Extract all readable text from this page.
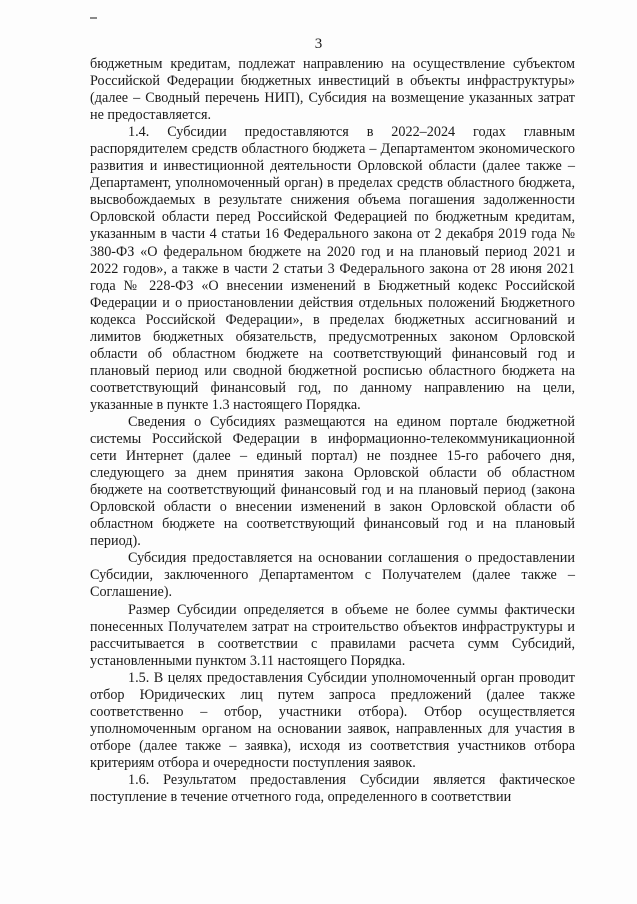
3

бюджетным кредитам, подлежат направлению на осуществление субъектом Российской Федерации бюджетных инвестиций в объекты инфраструктуры» (далее – Сводный перечень НИП), Субсидия на возмещение указанных затрат не предоставляется.

1.4. Субсидии предоставляются в 2022–2024 годах главным распорядителем средств областного бюджета – Департаментом экономического развития и инвестиционной деятельности Орловской области (далее также – Департамент, уполномоченный орган) в пределах средств областного бюджета, высвобождаемых в результате снижения объема погашения задолженности Орловской области перед Российской Федерацией по бюджетным кредитам, указанным в части 4 статьи 16 Федерального закона от 2 декабря 2019 года № 380-ФЗ «О федеральном бюджете на 2020 год и на плановый период 2021 и 2022 годов», а также в части 2 статьи 3 Федерального закона от 28 июня 2021 года № 228-ФЗ «О внесении изменений в Бюджетный кодекс Российской Федерации и о приостановлении действия отдельных положений Бюджетного кодекса Российской Федерации», в пределах бюджетных ассигнований и лимитов бюджетных обязательств, предусмотренных законом Орловской области об областном бюджете на соответствующий финансовый год и плановый период или сводной бюджетной росписью областного бюджета на соответствующий финансовый год, по данному направлению на цели, указанные в пункте 1.3 настоящего Порядка.

Сведения о Субсидиях размещаются на едином портале бюджетной системы Российской Федерации в информационно-телекоммуникационной сети Интернет (далее – единый портал) не позднее 15-го рабочего дня, следующего за днем принятия закона Орловской области об областном бюджете на соответствующий финансовый год и на плановый период (закона Орловской области о внесении изменений в закон Орловской области об областном бюджете на соответствующий финансовый год и на плановый период).

Субсидия предоставляется на основании соглашения о предоставлении Субсидии, заключенного Департаментом с Получателем (далее также – Соглашение).

Размер Субсидии определяется в объеме не более суммы фактически понесенных Получателем затрат на строительство объектов инфраструктуры и рассчитывается в соответствии с правилами расчета сумм Субсидий, установленными пунктом 3.11 настоящего Порядка.

1.5. В целях предоставления Субсидии уполномоченный орган проводит отбор Юридических лиц путем запроса предложений (далее также соответственно – отбор, участники отбора). Отбор осуществляется уполномоченным органом на основании заявок, направленных для участия в отборе (далее также – заявка), исходя из соответствия участников отбора критериям отбора и очередности поступления заявок.

1.6. Результатом предоставления Субсидии является фактическое поступление в течение отчетного года, определенного в соответствии
